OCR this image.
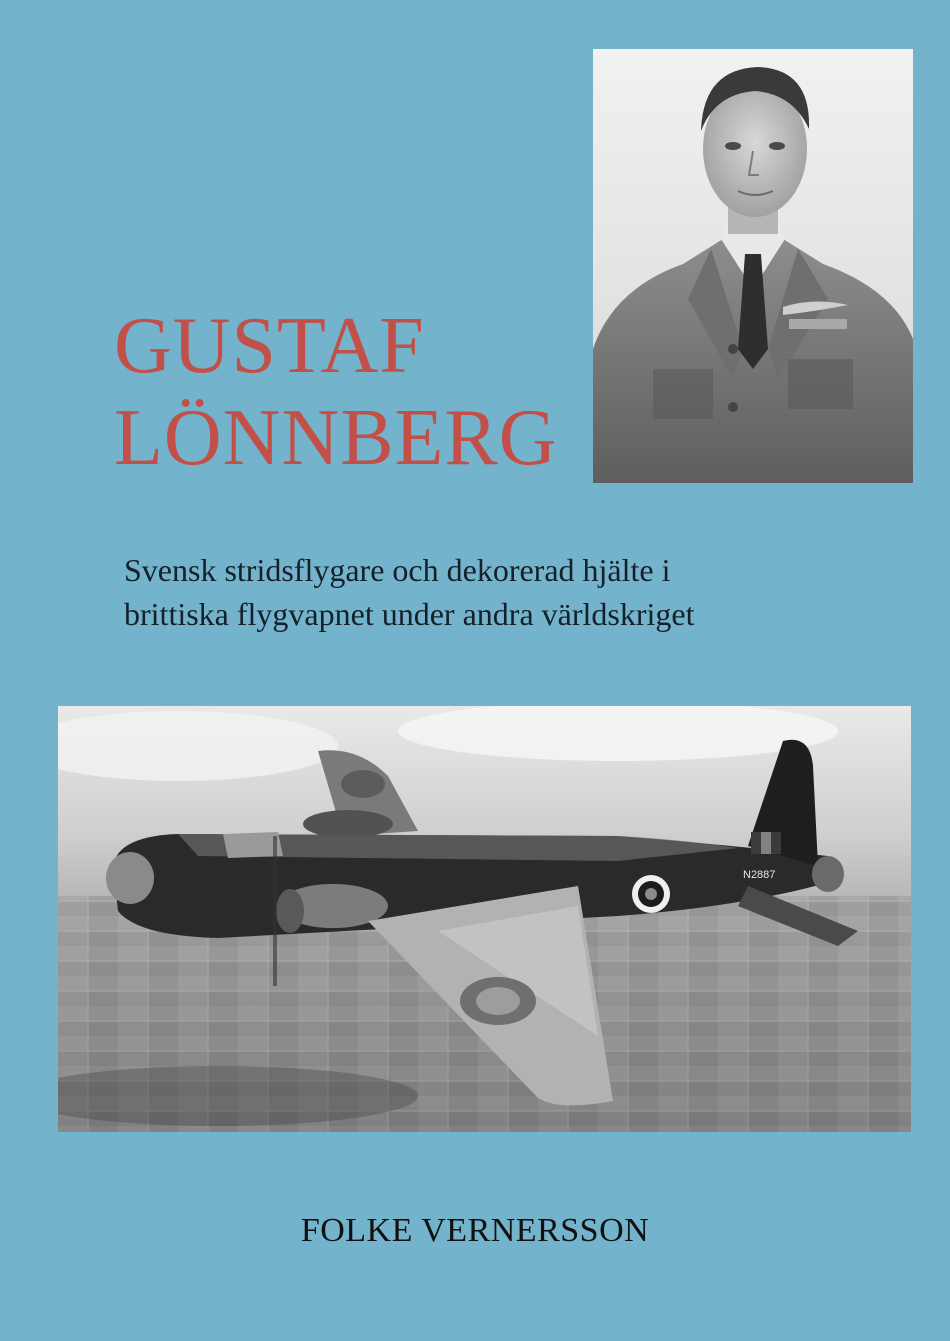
GUSTAF
LÖNNBERG

Svensk stridsflygare och dekorerad hjälte i
brittiska flygvapnet under andra världskriget

N2887

FOLKE VERNERSSON
